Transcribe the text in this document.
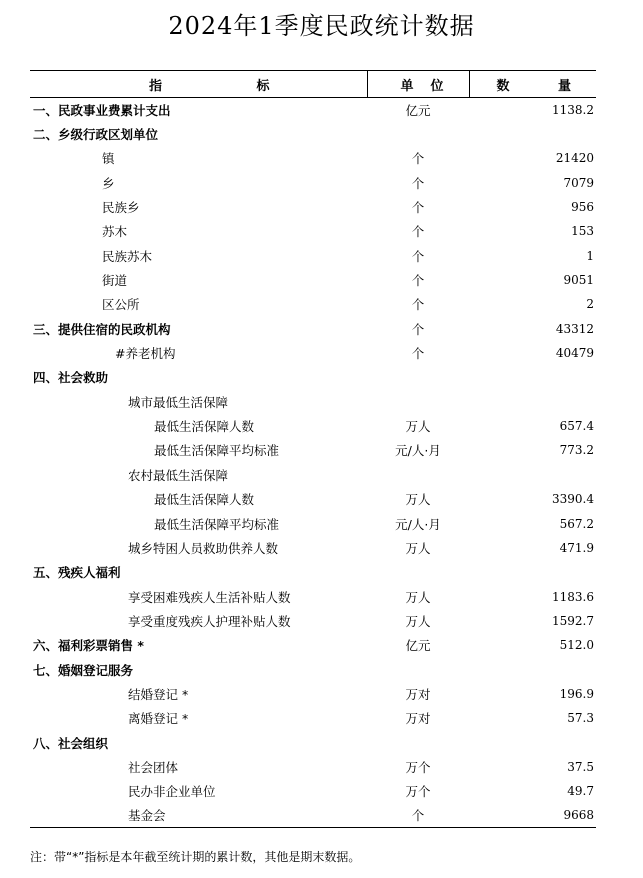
2024年1季度民政统计数据
指 标	单 位	数 量

一、民政事业费累计支出	亿元	1138.2
二、乡级行政区划单位		
镇	个	21420
乡	个	7079
民族乡	个	956
苏木	个	153
民族苏木	个	1
街道	个	9051
区公所	个	2
三、提供住宿的民政机构	个	43312
#养老机构	个	40479
四、社会救助		
城市最低生活保障		
最低生活保障人数	万人	657.4
最低生活保障平均标准	元/人·月	773.2
农村最低生活保障		
最低生活保障人数	万人	3390.4
最低生活保障平均标准	元/人·月	567.2
城乡特困人员救助供养人数	万人	471.9
五、残疾人福利		
享受困难残疾人生活补贴人数	万人	1183.6
享受重度残疾人护理补贴人数	万人	1592.7
六、福利彩票销售 *	亿元	512.0
七、婚姻登记服务		
结婚登记 *	万对	196.9
离婚登记 *	万对	57.3
八、社会组织		
社会团体	万个	37.5
民办非企业单位	万个	49.7
基金会	个	9668
注：带“*”指标是本年截至统计期的累计数，其他是期末数据。
